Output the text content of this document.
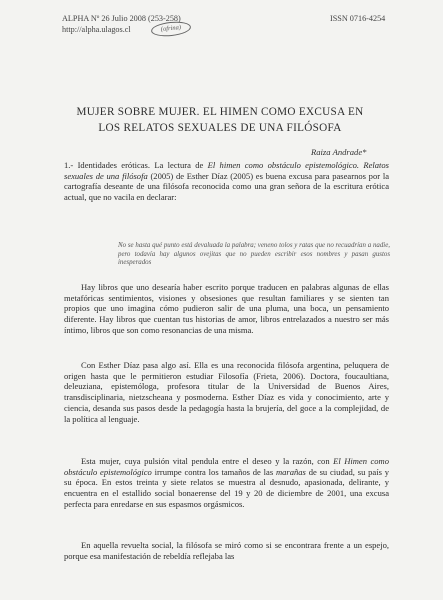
ALPHA Nº 26 Julio 2008 (253-258)
http://alpha.ulagos.cl	(ofrina)
ISSN 0716-4254
MUJER SOBRE MUJER. EL HIMEN COMO EXCUSA EN
LOS RELATOS SEXUALES DE UNA FILÓSOFA
Raiza Andrade*

1.- Identidades eróticas. La lectura de El himen como obstáculo epistemológico. Relatos sexuales de una filósofa (2005) de Esther Díaz (2005) es buena excusa para pasearnos por la cartografía deseante de una filósofa reconocida como una gran señora de la escritura erótica actual, que no vacila en declarar:

No se hasta qué punto está devaluada la palabra; veneno tolos y ratas que no recuadrían a nadie, pero todavía hay algunos ovejitas que no pueden escribir esos nombres y pasan gustos inesperados
Hay libros que uno desearía haber escrito porque traducen en palabras algunas de ellas metafóricas sentimientos, visiones y obsesiones que resultan familiares y se sienten tan propios que uno imagina cómo pudieron salir de una pluma, una boca, un pensamiento diferente. Hay libros que cuentan tus historias de amor, libros entrelazados a nuestro ser más íntimo, libros que son como resonancias de una misma.
Con Esther Díaz pasa algo así. Ella es una reconocida filósofa argentina, peluquera de origen hasta que le permitieron estudiar Filosofía (Frieta, 2006). Doctora, foucaultiana, deleuziana, epistemóloga, profesora titular de la Universidad de Buenos Aires, transdisciplinaria, nietzscheana y posmoderna. Esther Díaz es vida y conocimiento, arte y ciencia, desanda sus pasos desde la pedagogía hasta la brujería, del goce a la complejidad, de la política al lenguaje.
Esta mujer, cuya pulsión vital pendula entre el deseo y la razón, con El Himen como obstáculo epistemológico irrumpe contra los tamaños de las marañas de su ciudad, su país y su época. En estos treinta y siete relatos se muestra al desnudo, apasionada, delirante, y encuentra en el estallido social bonaerense del 19 y 20 de diciembre de 2001, una excusa perfecta para enredarse en sus espasmos orgásmicos.
En aquella revuelta social, la filósofa se miró como si se encontrara frente a un espejo, porque esa manifestación de rebeldía reflejaba las
